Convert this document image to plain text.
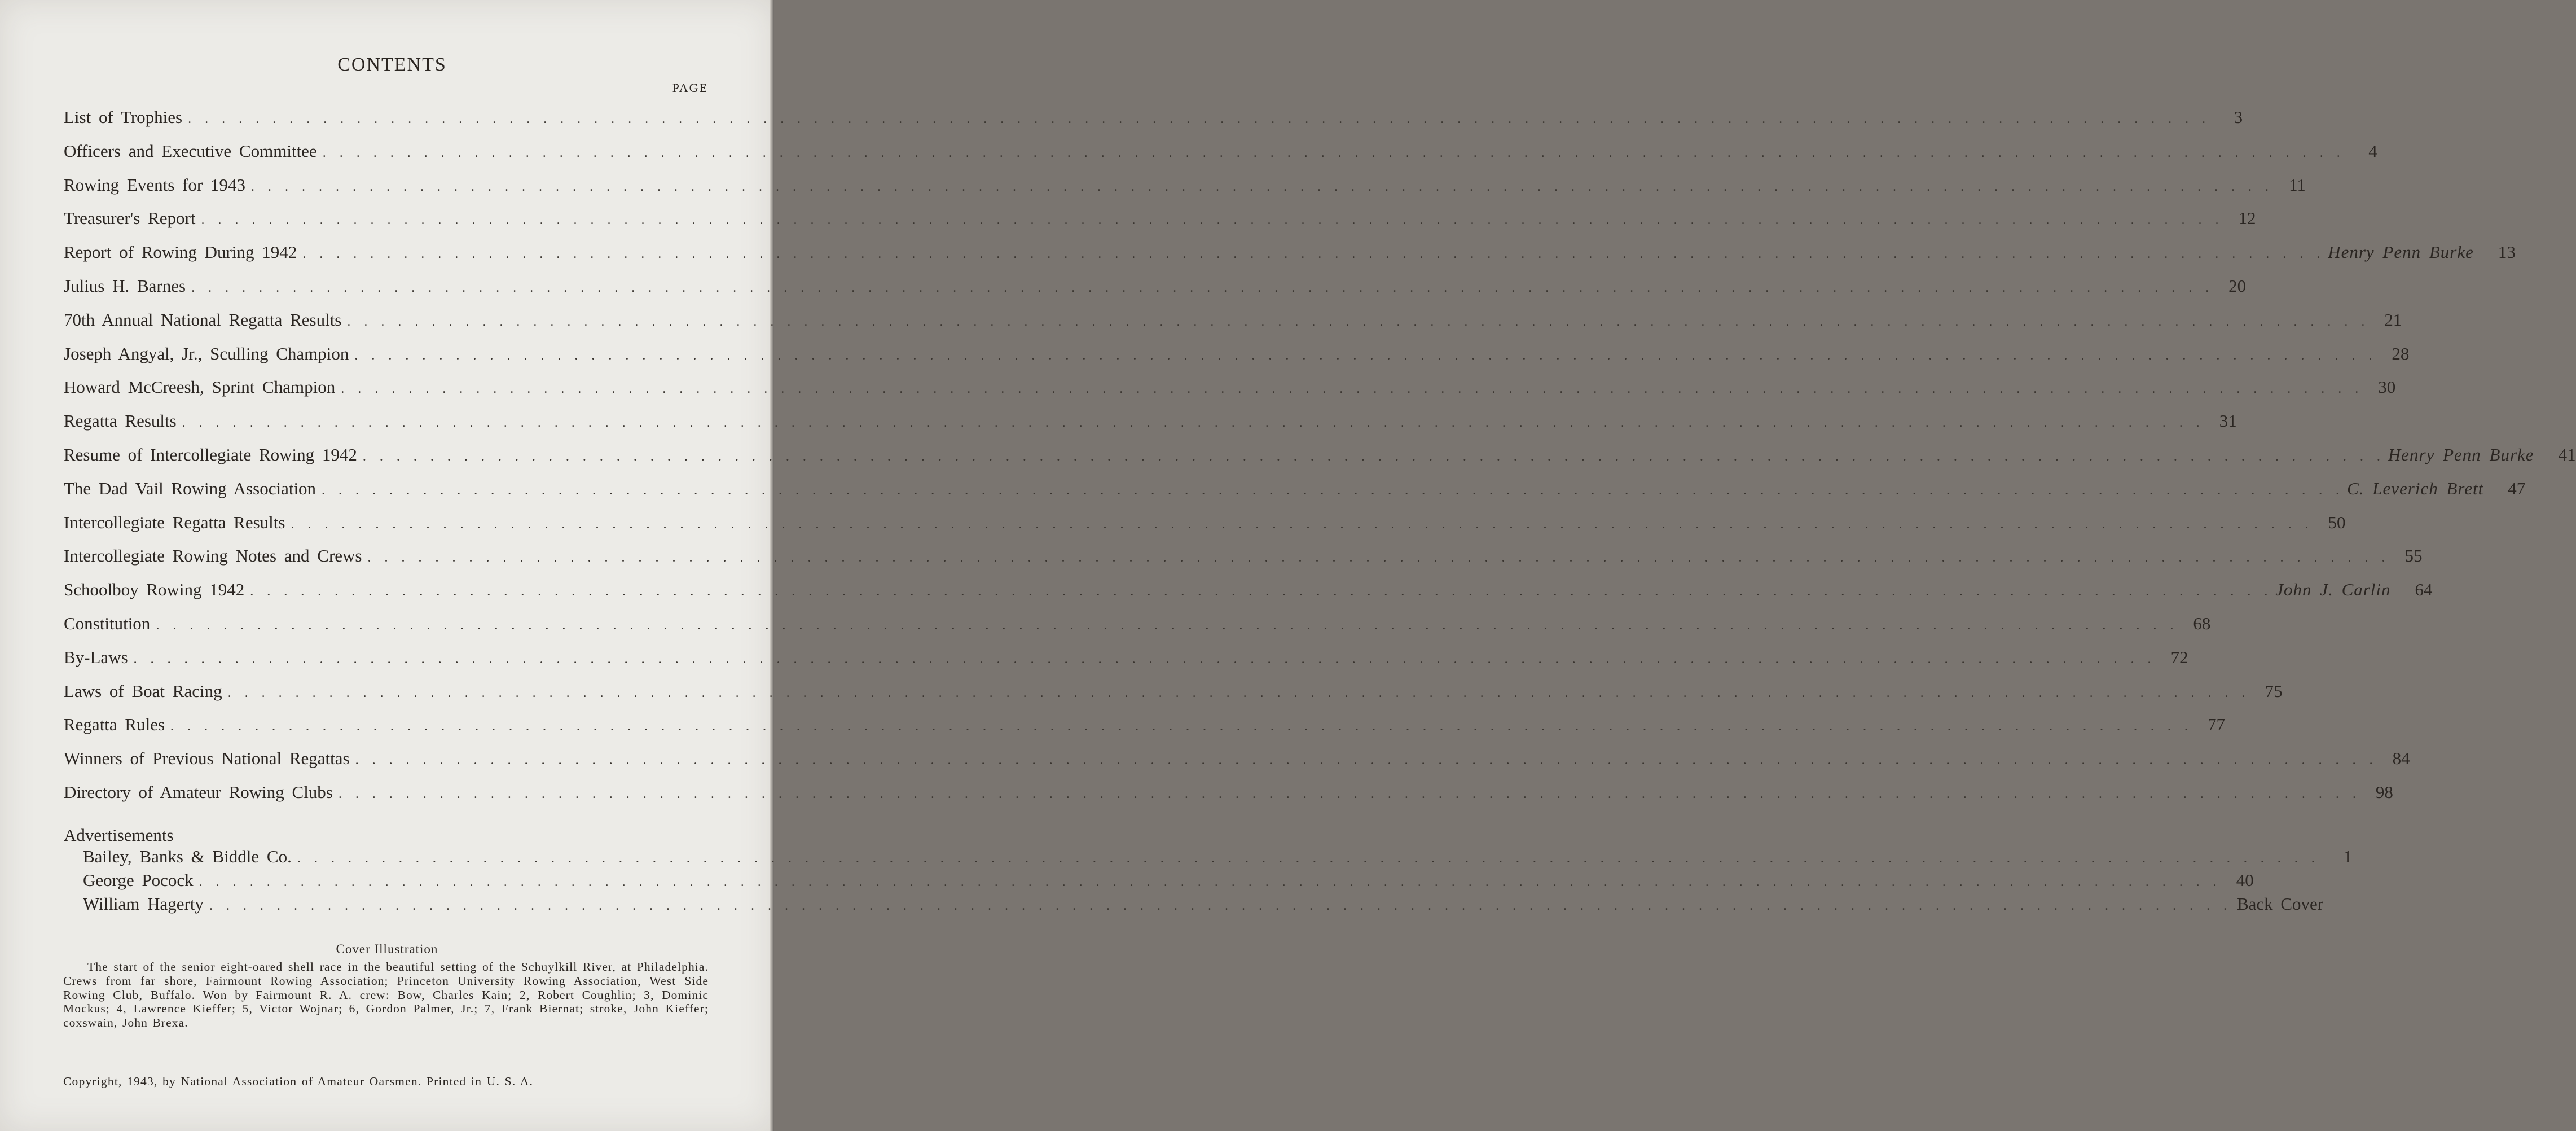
CONTENTS
PAGE
List of Trophies . . . . . . . . . . . . . . . . . . . . . . . . . . . . . . . . . . . . . . . . . . . . . . . . . . . . . . . . . . . . . . . . . . . . . . . . . . . . . . . . . . . . . . . . . . . . . . . . . . . . . . . . . . . . . . . . . . . . . . . .	3
Officers and Executive Committee . . . . . . . . . . . . . . . . . . . . . . . . . . . . . . . . . . . . . . . . . . . . . . . . . . . . . . . . . . . . . . . . . . . . . . . . . . . . . . . . . . . . . . . . . . . . . . . . . . . . . . . . . . . . . . . . . . . . . . . .	4
Rowing Events for 1943 . . . . . . . . . . . . . . . . . . . . . . . . . . . . . . . . . . . . . . . . . . . . . . . . . . . . . . . . . . . . . . . . . . . . . . . . . . . . . . . . . . . . . . . . . . . . . . . . . . . . . . . . . . . . . . . . . . . . . . . . 11
Treasurer's Report . . . . . . . . . . . . . . . . . . . . . . . . . . . . . . . . . . . . . . . . . . . . . . . . . . . . . . . . . . . . . . . . . . . . . . . . . . . . . . . . . . . . . . . . . . . . . . . . . . . . . . . . . . . . . . . . . . . . . . . . 12
Report of Rowing During 1942 . . . . . . . . . . . . . . . . . . . . . . . . . . . . . . . . . . . . . . . . . . . . . . . . . . . . . . . . . . . . . . . . . . . . . . . . . . . . . . . . . . . . . . . . . . . . . . . . . . . . . . . . . . . . . . . . . . . . . . . . Henry Penn Burke	13
Julius H. Barnes . . . . . . . . . . . . . . . . . . . . . . . . . . . . . . . . . . . . . . . . . . . . . . . . . . . . . . . . . . . . . . . . . . . . . . . . . . . . . . . . . . . . . . . . . . . . . . . . . . . . . . . . . . . . . . . . . . . . . . . . 20
70th Annual National Regatta Results . . . . . . . . . . . . . . . . . . . . . . . . . . . . . . . . . . . . . . . . . . . . . . . . . . . . . . . . . . . . . . . . . . . . . . . . . . . . . . . . . . . . . . . . . . . . . . . . . . . . . . . . . . . . . . . . . . . . . . . . 21
Joseph Angyal, Jr., Sculling Champion . . . . . . . . . . . . . . . . . . . . . . . . . . . . . . . . . . . . . . . . . . . . . . . . . . . . . . . . . . . . . . . . . . . . . . . . . . . . . . . . . . . . . . . . . . . . . . . . . . . . . . . . . . . . . . . . . . . . . . . . 28
Howard McCreesh, Sprint Champion . . . . . . . . . . . . . . . . . . . . . . . . . . . . . . . . . . . . . . . . . . . . . . . . . . . . . . . . . . . . . . . . . . . . . . . . . . . . . . . . . . . . . . . . . . . . . . . . . . . . . . . . . . . . . . . . . . . . . . . . 30
Regatta Results . . . . . . . . . . . . . . . . . . . . . . . . . . . . . . . . . . . . . . . . . . . . . . . . . . . . . . . . . . . . . . . . . . . . . . . . . . . . . . . . . . . . . . . . . . . . . . . . . . . . . . . . . . . . . . . . . . . . . . . . 31
Resume of Intercollegiate Rowing 1942 . . . . . . . . . . . . . . . . . . . . . . . . . . . . . . . . . . . . . . . . . . . . . . . . . . . . . . . . . . . . . . . . . . . . . . . . . . . . . . . . . . . . . . . . . . . . . . . . . . . . . . . . . . . . . . . . . . . . . . . . Henry Penn Burke	41
The Dad Vail Rowing Association . . . . . . . . . . . . . . . . . . . . . . . . . . . . . . . . . . . . . . . . . . . . . . . . . . . . . . . . . . . . . . . . . . . . . . . . . . . . . . . . . . . . . . . . . . . . . . . . . . . . . . . . . . . . . . . . . . . . . . . . C. Leverich Brett	47
Intercollegiate Regatta Results . . . . . . . . . . . . . . . . . . . . . . . . . . . . . . . . . . . . . . . . . . . . . . . . . . . . . . . . . . . . . . . . . . . . . . . . . . . . . . . . . . . . . . . . . . . . . . . . . . . . . . . . . . . . . . . . . . . . . . . . 50
Intercollegiate Rowing Notes and Crews . . . . . . . . . . . . . . . . . . . . . . . . . . . . . . . . . . . . . . . . . . . . . . . . . . . . . . . . . . . . . . . . . . . . . . . . . . . . . . . . . . . . . . . . . . . . . . . . . . . . . . . . . . . . . . . . . . . . . . . . 55
Schoolboy Rowing 1942 . . . . . . . . . . . . . . . . . . . . . . . . . . . . . . . . . . . . . . . . . . . . . . . . . . . . . . . . . . . . . . . . . . . . . . . . . . . . . . . . . . . . . . . . . . . . . . . . . . . . . . . . . . . . . . . . . . . . . . . . John J. Carlin	64
Constitution . . . . . . . . . . . . . . . . . . . . . . . . . . . . . . . . . . . . . . . . . . . . . . . . . . . . . . . . . . . . . . . . . . . . . . . . . . . . . . . . . . . . . . . . . . . . . . . . . . . . . . . . . . . . . . . . . . . . . . . . 68
By-Laws . . . . . . . . . . . . . . . . . . . . . . . . . . . . . . . . . . . . . . . . . . . . . . . . . . . . . . . . . . . . . . . . . . . . . . . . . . . . . . . . . . . . . . . . . . . . . . . . . . . . . . . . . . . . . . . . . . . . . . . . 72
Laws of Boat Racing . . . . . . . . . . . . . . . . . . . . . . . . . . . . . . . . . . . . . . . . . . . . . . . . . . . . . . . . . . . . . . . . . . . . . . . . . . . . . . . . . . . . . . . . . . . . . . . . . . . . . . . . . . . . . . . . . . . . . . . . 75
Regatta Rules . . . . . . . . . . . . . . . . . . . . . . . . . . . . . . . . . . . . . . . . . . . . . . . . . . . . . . . . . . . . . . . . . . . . . . . . . . . . . . . . . . . . . . . . . . . . . . . . . . . . . . . . . . . . . . . . . . . . . . . . 77
Winners of Previous National Regattas . . . . . . . . . . . . . . . . . . . . . . . . . . . . . . . . . . . . . . . . . . . . . . . . . . . . . . . . . . . . . . . . . . . . . . . . . . . . . . . . . . . . . . . . . . . . . . . . . . . . . . . . . . . . . . . . . . . . . . . . 84
Directory of Amateur Rowing Clubs . . . . . . . . . . . . . . . . . . . . . . . . . . . . . . . . . . . . . . . . . . . . . . . . . . . . . . . . . . . . . . . . . . . . . . . . . . . . . . . . . . . . . . . . . . . . . . . . . . . . . . . . . . . . . . . . . . . . . . . . 98
Advertisements
Bailey, Banks & Biddle Co. . . . . . . . . . . . . . . . . . . . . . . . . . . . . . . . . . . . . . . . . . . . . . . . . . . . . . . . . . . . . . . . . . . . . . . . . . . . . . . . . . . . . . . . . . . . . . . . . . . . . . . . . . . . . . . . . . . . . . . . .	1
George Pocock . . . . . . . . . . . . . . . . . . . . . . . . . . . . . . . . . . . . . . . . . . . . . . . . . . . . . . . . . . . . . . . . . . . . . . . . . . . . . . . . . . . . . . . . . . . . . . . . . . . . . . . . . . . . . . . . . . . . . . . . 40
William Hagerty . . . . . . . . . . . . . . . . . . . . . . . . . . . . . . . . . . . . . . . . . . . . . . . . . . . . . . . . . . . . . . . . . . . . . . . . . . . . . . . . . . . . . . . . . . . . . . . . . . . . . . . . . . . . . . . . . . . . . . . . Back Cover
Cover Illustration
The start of the senior eight-oared shell race in the beautiful setting of the Schuylkill River, at Philadelphia. Crews from far shore, Fairmount Rowing Association; Princeton University Rowing Association, West Side Rowing Club, Buffalo. Won by Fairmount R. A. crew: Bow, Charles Kain; 2, Robert Coughlin; 3, Dominic Mockus; 4, Lawrence Kieffer; 5, Victor Wojnar; 6, Gordon Palmer, Jr.; 7, Frank Biernat; stroke, John Kieffer; coxswain, John Brexa.
Copyright, 1943, by National Association of Amateur Oarsmen. Printed in U. S. A.
